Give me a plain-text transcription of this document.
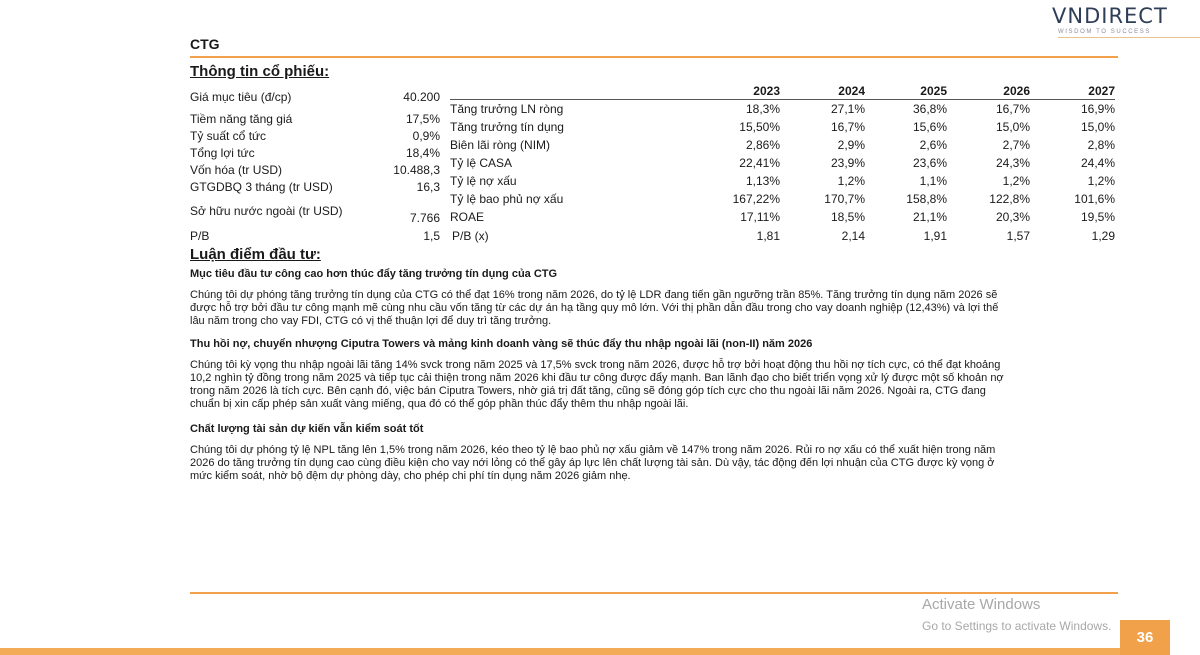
VNDIRECT
WISDOM TO SUCCESS
CTG
Thông tin cổ phiếu:
Giá mục tiêu (đ/cp)	40.200
Tiềm năng tăng giá	17,5%
Tỷ suất cổ tức	0,9%
Tổng lợi tức	18,4%
Vốn hóa (tr USD)	10.488,3
GTGDBQ 3 tháng (tr USD)	16,3
Sở hữu nước ngoài (tr USD)	7.766
P/B	1,5
2023	2024	2025	2026	2027
Tăng trưởng LN ròng	18,3%	27,1%	36,8%	16,7%	16,9%
Tăng trưởng tín dụng	15,50%	16,7%	15,6%	15,0%	15,0%
Biên lãi ròng (NIM)	2,86%	2,9%	2,6%	2,7%	2,8%
Tỷ lệ CASA	22,41%	23,9%	23,6%	24,3%	24,4%
Tỷ lệ nợ xấu	1,13%	1,2%	1,1%	1,2%	1,2%
Tỷ lệ bao phủ nợ xấu	167,22%	170,7%	158,8%	122,8%	101,6%
ROAE	17,11%	18,5%	21,1%	20,3%	19,5%
P/B (x)	1,81	2,14	1,91	1,57	1,29
Luận điểm đầu tư:
Mục tiêu đầu tư công cao hơn thúc đẩy tăng trưởng tín dụng của CTG
Chúng tôi dự phóng tăng trưởng tín dụng của CTG có thể đạt 16% trong năm 2026, do tỷ lệ LDR đang tiến gần ngưỡng trần 85%. Tăng trưởng tín dụng năm 2026 sẽ
được hỗ trợ bởi đầu tư công mạnh mẽ cùng nhu cầu vốn tăng từ các dự án hạ tầng quy mô lớn. Với thị phần dẫn đầu trong cho vay doanh nghiệp (12,43%) và lợi thế
lâu năm trong cho vay FDI, CTG có vị thế thuận lợi để duy trì tăng trưởng.
Thu hồi nợ, chuyển nhượng Ciputra Towers và mảng kinh doanh vàng sẽ thúc đẩy thu nhập ngoài lãi (non-II) năm 2026
Chúng tôi kỳ vọng thu nhập ngoài lãi tăng 14% svck trong năm 2025 và 17,5% svck trong năm 2026, được hỗ trợ bởi hoạt động thu hồi nợ tích cực, có thể đạt khoảng
10,2 nghìn tỷ đồng trong năm 2025 và tiếp tục cải thiện trong năm 2026 khi đầu tư công được đẩy mạnh. Ban lãnh đạo cho biết triển vọng xử lý được một số khoản nợ
trong năm 2026 là tích cực. Bên cạnh đó, việc bán Ciputra Towers, nhờ giá trị đất tăng, cũng sẽ đóng góp tích cực cho thu ngoài lãi năm 2026. Ngoài ra, CTG đang
chuẩn bị xin cấp phép sản xuất vàng miếng, qua đó có thể góp phần thúc đẩy thêm thu nhập ngoài lãi.
Chất lượng tài sản dự kiến vẫn kiểm soát tốt
Chúng tôi dự phóng tỷ lệ NPL tăng lên 1,5% trong năm 2026, kéo theo tỷ lệ bao phủ nợ xấu giảm về 147% trong năm 2026. Rủi ro nợ xấu có thể xuất hiện trong năm
2026 do tăng trưởng tín dụng cao cùng điều kiện cho vay nới lỏng có thể gây áp lực lên chất lượng tài sản. Dù vậy, tác động đến lợi nhuận của CTG được kỳ vọng ở
mức kiểm soát, nhờ bộ đệm dự phòng dày, cho phép chi phí tín dụng năm 2026 giảm nhẹ.
Activate Windows
Go to Settings to activate Windows.
36
